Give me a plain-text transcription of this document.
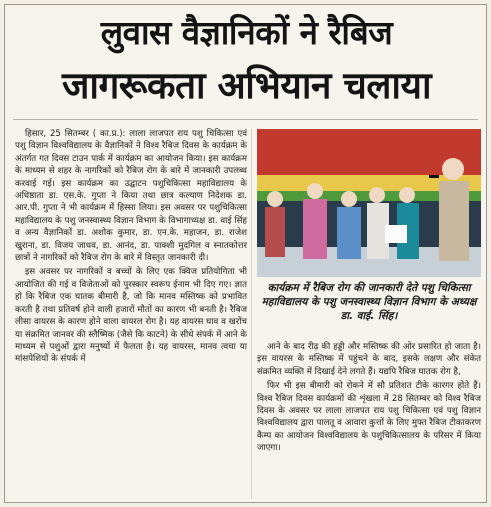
लुवास वैज्ञानिकों ने रैबिज
जागरूकता अभियान चलाया

हिसार, 25 सितम्बर ( का.प्र.): लाला लाजपत राय पशु चिकित्सा एवं पशु विज्ञान विश्वविद्यालय के वैज्ञानिकों ने विश्व रैबिज दिवस के कार्यक्रम के अंतर्गत गत दिवस टाउन पार्क में कार्यक्रम का आयोजन किया। इस कार्यक्रम के माध्यम से शहर के नागरिकों को रैबिज रोग के बारे में जानकारी उपलब्ध करवाई गई। इस कार्यक्रम का उद्घाटन पशुचिकित्सा महाविद्यालय के अधिष्ठाता डा. एस.के. गुप्ता ने किया तथा छात्र कल्याण निदेशक डा. आर.पी. गुप्ता ने भी कार्यक्रम में हिस्सा लिया। इस अवसर पर पशुचिकित्सा महाविद्यालय के पशु जनस्वास्थ्य विज्ञान विभाग के विभागाध्यक्ष डा. वाई सिंह व अन्य वैज्ञानिकों डा. अशोक कुमार, डा. एन.के. महाजन, डा. राजेश खुराना, डा. विजय जाधव, डा. आनंद, डा. पाक्शी मुदगिल व स्नातकोत्तर छात्रों ने नागरिकों को रैबिज रोग के बारे में विस्तृत जानकारी दी।

इस अवसर पर नागरिकों व बच्चों के लिए एक क्विज प्रतियोगिता भी आयोजित की गई व विजेताओं को पुरस्कार स्वरूप ईनाम भी दिए गए। ज्ञात हो कि रैबिज एक घातक बीमारी है, जो कि मानव मस्तिष्क को प्रभावित करती है तथा प्रतिवर्ष होने वाली हजारों मौतों का कारण भी बनती है। रैबिज लीसा वायरस के कारण होने वाला वायरल रोग है। यह वायरस घाव व खरोंच या संक्रमित जानवर की स्लैष्मिक (जैसे कि काटने) के सीधे संपर्क में आने के माध्यम से पशुओं द्वारा मनुष्यों में फैलता है। यह वायरस, मानव त्वचा या मांसपेशियों के संपर्क में

कार्यक्रम में रैबिज रोग की जानकारी देते पशु चिकित्सा महाविद्यालय के पशु जनस्वास्थ्य विज्ञान विभाग के अध्यक्ष डा. वाई. सिंह।

आने के बाद रीढ़ की हड्डी और मस्तिष्क की ओर प्रसारित हो जाता है। इस वायरस के मस्तिष्क में पहुंचने के बाद, इसके लक्षण और संकेत संक्रमित व्यक्ति में दिखाई देने लगते हैं। यद्यपि रैबिज घातक रोग है,

फिर भी इस बीमारी को रोकने में सौ प्रतिशत टीके कारगर होते हैं। विश्व रैबिज दिवस कार्यक्रमों की शृंखला में 28 सितम्बर को विश्व रैबिज दिवस के अवसर पर लाला लाजपत राय पशु चिकित्सा एवं पशु विज्ञान विश्वविद्यालय द्वारा पालतू व आवारा कुत्तों के लिए मुफ्त रैबिज टीकाकरण कैम्प का आयोजन विश्वविद्यालय के पशुचिकित्सालय के परिसर में किया जाएगा।
